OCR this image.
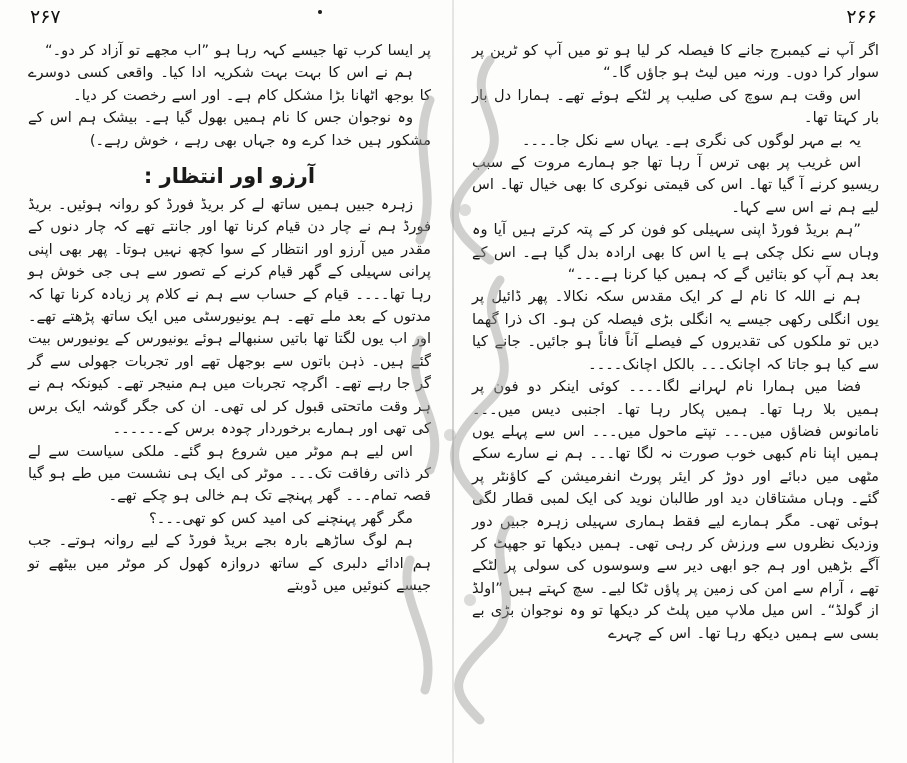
۲۶۷

پر ایسا کرب تھا جیسے کہہ رہا ہو ”اب مجھے تو آزاد کر دو۔“

ہم نے اس کا بہت بہت شکریہ ادا کیا۔ واقعی کسی دوسرے کا بوجھ اٹھانا بڑا مشکل کام ہے۔ اور اسے رخصت کر دیا۔

وہ نوجوان جس کا نام ہمیں بھول گیا ہے۔ بیشک ہم اس کے مشکور ہیں خدا کرے وہ جہاں بھی رہے ، خوش رہے۔)

آرزو اور انتظار :

زہرہ جبیں ہمیں ساتھ لے کر بریڈ فورڈ کو روانہ ہوئیں۔ بریڈ فورڈ ہم نے چار دن قیام کرنا تھا اور جانتے تھے کہ چار دنوں کے مقدر میں آرزو اور انتظار کے سوا کچھ نہیں ہوتا۔ پھر بھی اپنی پرانی سہیلی کے گھر قیام کرنے کے تصور سے ہی جی خوش ہو رہا تھا۔۔۔۔ قیام کے حساب سے ہم نے کلام پر زیادہ کرنا تھا کہ مدتوں کے بعد ملے تھے۔ ہم یونیورسٹی میں ایک ساتھ پڑھتے تھے۔ اور اب یوں لگتا تھا باتیں سنبھالے ہوئے یونیورس کے یونیورس بیت گئے ہیں۔ ذہن باتوں سے بوجھل تھے اور تجربات جھولی سے گر گر جا رہے تھے۔ اگرچہ تجربات میں ہم منیجر تھے۔ کیونکہ ہم نے ہر وقت ماتحتی قبول کر لی تھی۔ ان کی جگر گوشہ ایک برس کی تھی اور ہمارے برخوردار چودہ برس کے۔۔۔۔۔۔

اس لیے ہم موٹر میں شروع ہو گئے۔ ملکی سیاست سے لے کر ذاتی رفاقت تک۔۔۔ موٹر کی ایک ہی نشست میں طے ہو گیا قصہ تمام۔۔۔ گھر پہنچے تک ہم خالی ہو چکے تھے۔

مگر گھر پہنچنے کی امید کس کو تھی۔۔۔؟

ہم لوگ ساڑھے بارہ بجے بریڈ فورڈ کے لیے روانہ ہوتے۔ جب ہم ادائے دلبری کے ساتھ دروازہ کھول کر موٹر میں بیٹھے تو جیسے کنوئیں میں ڈوبتے

۲۶۶

اگر آپ نے کیمبرج جانے کا فیصلہ کر لیا ہو تو میں آپ کو ٹرین پر سوار کرا دوں۔ ورنہ میں لیٹ ہو جاؤں گا۔“

اس وقت ہم سوچ کی صلیب پر لٹکے ہوئے تھے۔ ہمارا دل بار بار کہتا تھا۔

یہ بے مہر لوگوں کی نگری ہے۔ یہاں سے نکل جا۔۔۔۔

اس غریب پر بھی ترس آ رہا تھا جو ہمارے مروت کے سبب ریسیو کرنے آ گیا تھا۔ اس کی قیمتی نوکری کا بھی خیال تھا۔ اس لیے ہم نے اس سے کہا۔

”ہم بریڈ فورڈ اپنی سہیلی کو فون کر کے پتہ کرتے ہیں آیا وہ وہاں سے نکل چکی ہے یا اس کا بھی ارادہ بدل گیا ہے۔ اس کے بعد ہم آپ کو بتائیں گے کہ ہمیں کیا کرنا ہے۔۔۔“

ہم نے اللہ کا نام لے کر ایک مقدس سکہ نکالا۔ پھر ڈائیل پر یوں انگلی رکھی جیسے یہ انگلی بڑی فیصلہ کن ہو۔ اک ذرا گھما دیں تو ملکوں کی تقدیروں کے فیصلے آناً فاناً ہو جائیں۔ جانے کیا سے کیا ہو جاتا کہ اچانک۔۔۔ بالکل اچانک۔۔۔۔

فضا میں ہمارا نام لہرانے لگا۔۔۔۔ کوئی اینکر دو فون پر ہمیں بلا رہا تھا۔ ہمیں پکار رہا تھا۔ اجنبی دیس میں۔۔۔ نامانوس فضاؤں میں۔۔۔ تپتے ماحول میں۔۔۔ اس سے پہلے یوں ہمیں اپنا نام کبھی خوب صورت نہ لگا تھا۔۔۔ ہم نے سارے سکے مٹھی میں دبائے اور دوڑ کر ایئر پورٹ انفرمیشن کے کاؤنٹر پر گئے۔ وہاں مشتاقان دید اور طالبان نوید کی ایک لمبی قطار لگی ہوئی تھی۔ مگر ہمارے لیے فقط ہماری سہیلی زہرہ جبیں دور وزدیک نظروں سے ورزش کر رہی تھی۔ ہمیں دیکھا تو جھپٹ کر آگے بڑھیں اور ہم جو ابھی دیر سے وسوسوں کی سولی پر لٹکے تھے ، آرام سے امن کی زمین پر پاؤں ٹکا لیے۔ سچ کہتے ہیں ”اولڈ از گولڈ“۔ اس میل ملاپ میں پلٹ کر دیکھا تو وہ نوجوان بڑی بے بسی سے ہمیں دیکھ رہا تھا۔ اس کے چہرے
